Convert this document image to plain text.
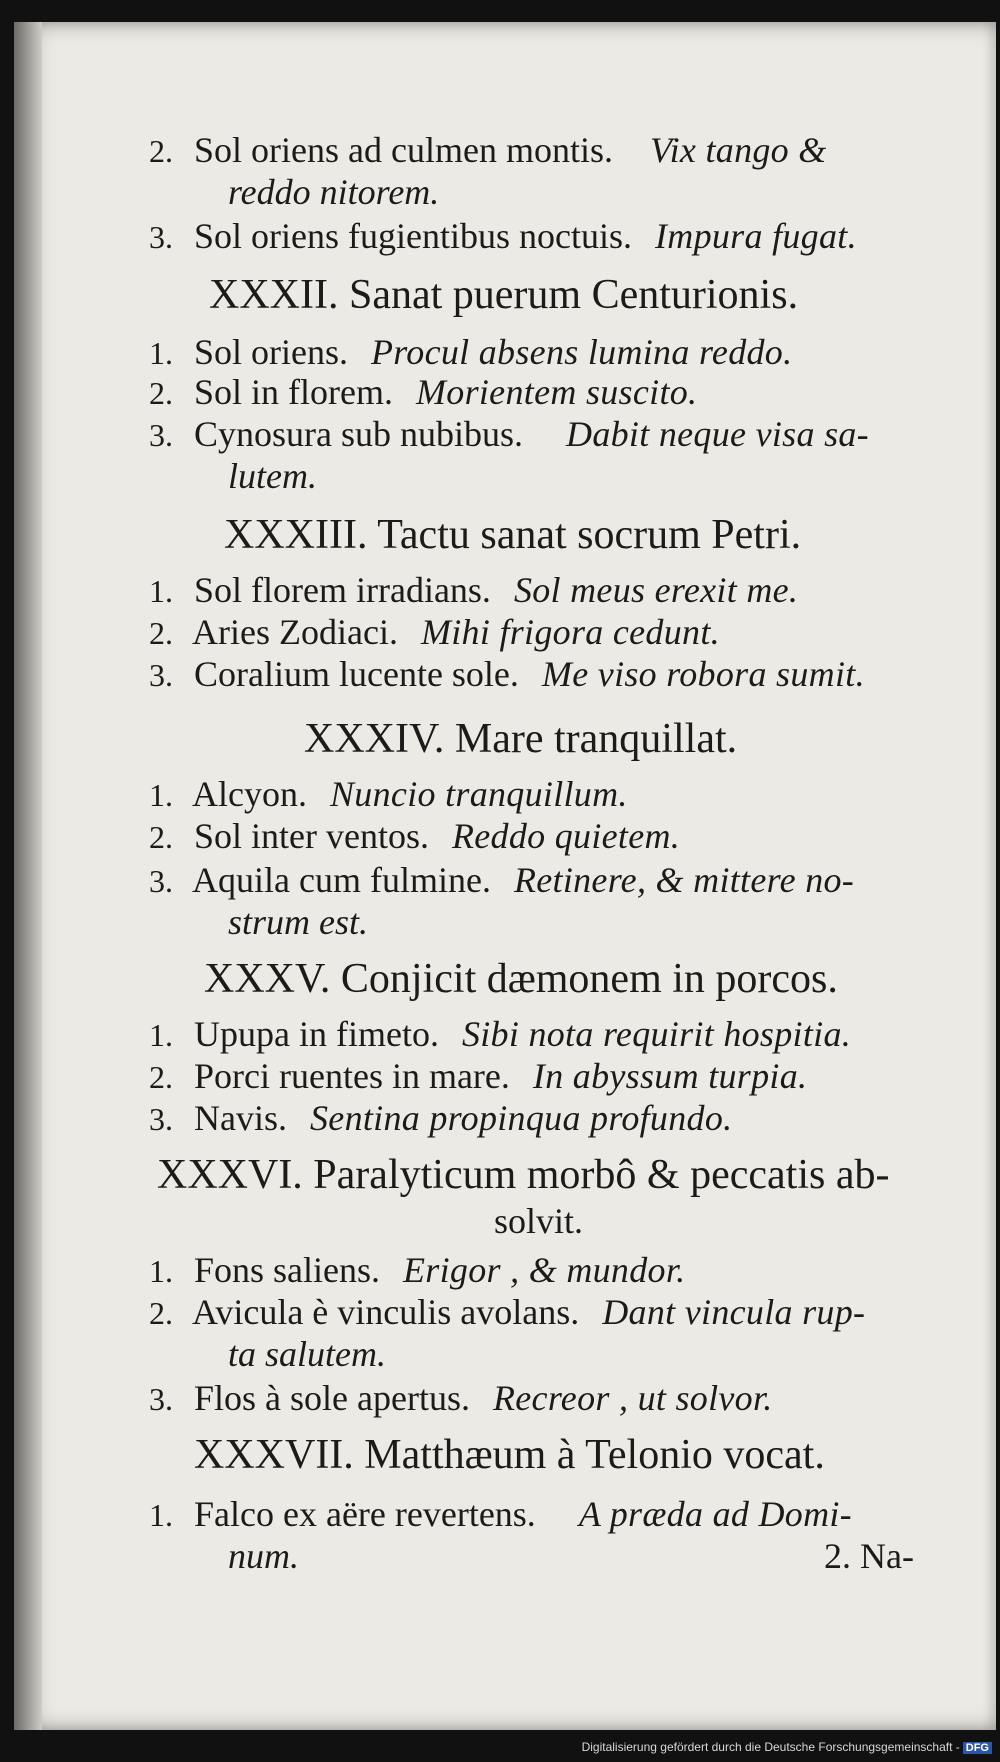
2. Sol oriens ad culmen montis. Vix tango &
reddo nitorem.
3. Sol oriens fugientibus noctuis. Impura fugat.
XXXII. Sanat puerum Centurionis.
1. Sol oriens. Procul absens lumina reddo.
2. Sol in florem. Morientem suscito.
3. Cynosura sub nubibus. Dabit neque visa sa-
lutem.
XXXIII. Tactu sanat socrum Petri.
1. Sol florem irradians. Sol meus erexit me.
2. Aries Zodiaci. Mihi frigora cedunt.
3. Coralium lucente sole. Me viso robora sumit.
XXXIV. Mare tranquillat.
1. Alcyon. Nuncio tranquillum.
2. Sol inter ventos. Reddo quietem.
3. Aquila cum fulmine. Retinere, & mittere no-
strum est.
XXXV. Conjicit dæmonem in porcos.
1. Upupa in fimeto. Sibi nota requirit hospitia.
2. Porci ruentes in mare. In abyssum turpia.
3. Navis. Sentina propinqua profundo.
XXXVI. Paralyticum morbô & peccatis ab-
solvit.
1. Fons saliens. Erigor , & mundor.
2. Avicula è vinculis avolans. Dant vincula rup-
ta salutem.
3. Flos à sole apertus. Recreor , ut solvor.
XXXVII. Matthæum à Telonio vocat.
1. Falco ex aëre revertens. A præda ad Domi-
num.	2. Na-
Digitalisierung gefördert durch die Deutsche Forschungsgemeinschaft - DFG
